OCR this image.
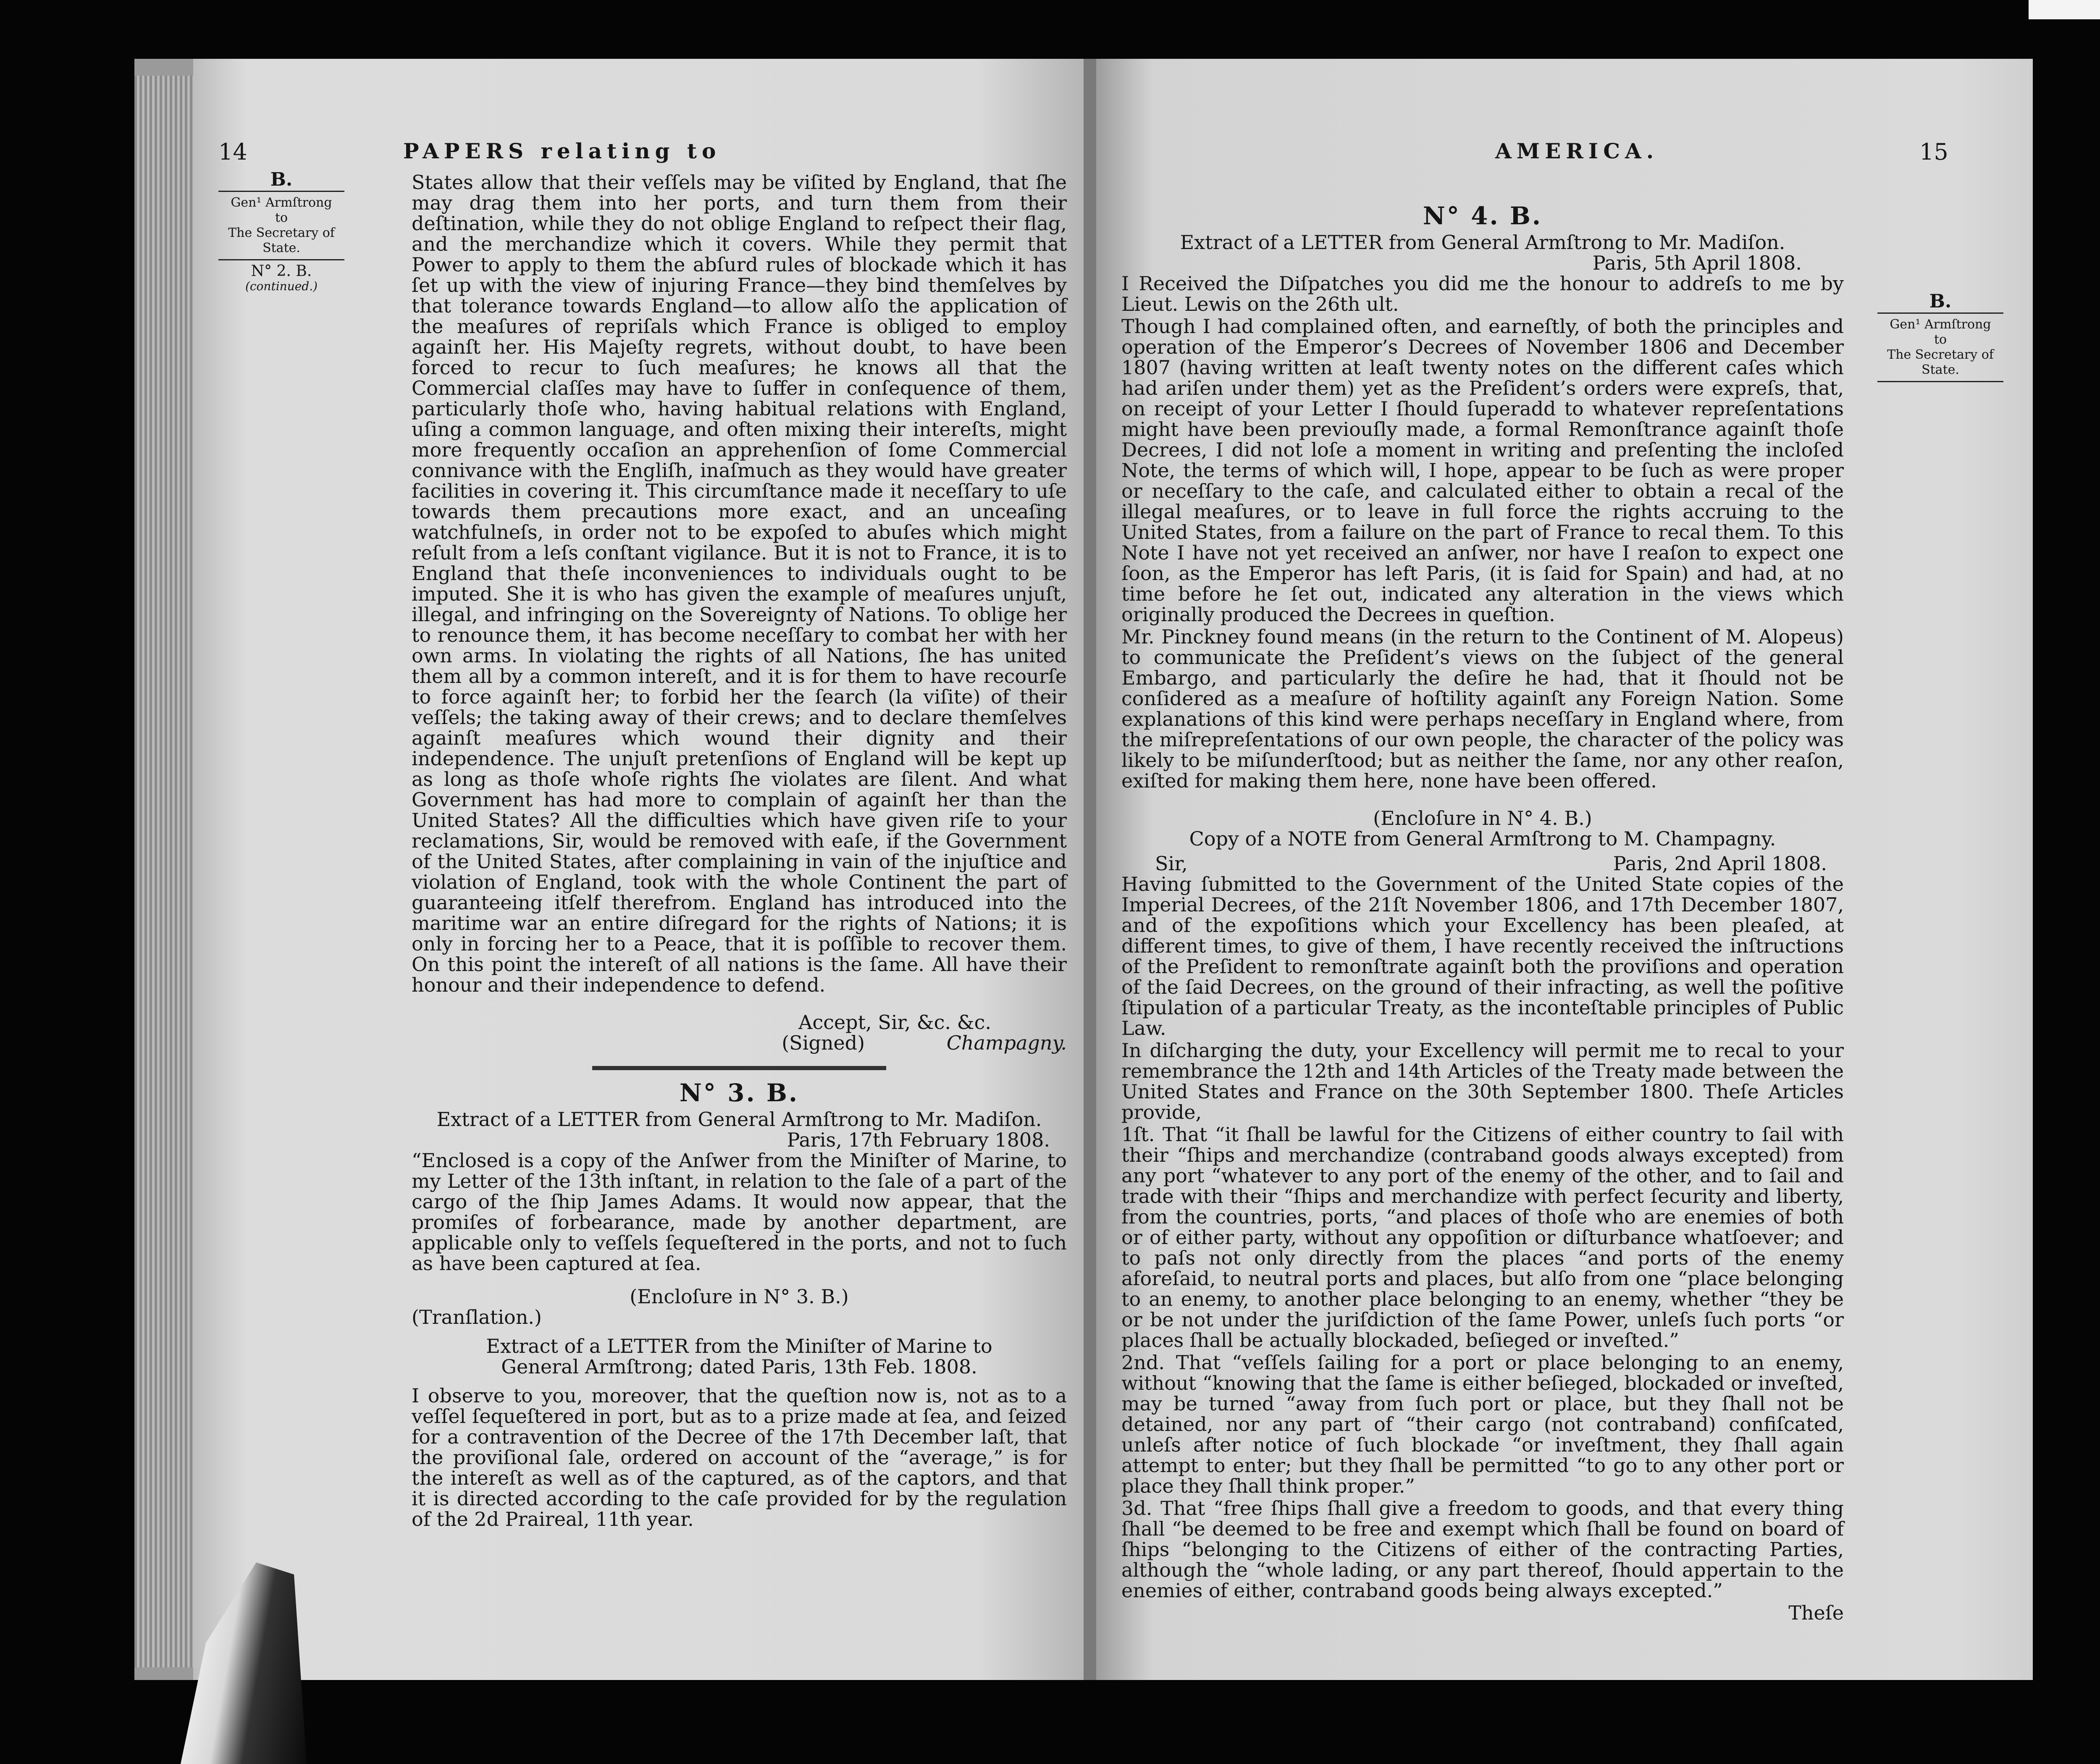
14	PAPERS relating to
B.
Gen¹ Armſtrong
to
The Secretary of State.
N° 2. B.
(continued.)

States allow that their veſſels may be viſited by England, that ſhe may drag them into her ports, and turn them from their deſtination, while they do not oblige England to reſpect their flag, and the merchandize which it covers. While they permit that Power to apply to them the abſurd rules of blockade which it has ſet up with the view of injuring France—they bind themſelves by that tolerance towards England—to allow alſo the application of the meaſures of repriſals which France is obliged to employ againſt her. His Majeſty regrets, without doubt, to have been forced to recur to ſuch meaſures; he knows all that the Commercial claſſes may have to ſuffer in conſequence of them, particularly thoſe who, having habitual relations with England, uſing a common language, and often mixing their intereſts, might more frequently occaſion an apprehenſion of ſome Commercial connivance with the Engliſh, inaſmuch as they would have greater facilities in covering it. This circumſtance made it neceſſary to uſe towards them precautions more exact, and an unceaſing watchfulneſs, in order not to be expoſed to abuſes which might reſult from a leſs conſtant vigilance. But it is not to France, it is to England that theſe inconveniences to individuals ought to be imputed. She it is who has given the example of meaſures unjuſt, illegal, and infringing on the Sovereignty of Nations. To oblige her to renounce them, it has become neceſſary to combat her with her own arms. In violating the rights of all Nations, ſhe has united them all by a common intereſt, and it is for them to have recourſe to force againſt her; to forbid her the ſearch (la viſite) of their veſſels; the taking away of their crews; and to declare themſelves againſt meaſures which wound their dignity and their independence. The unjuſt pretenſions of England will be kept up as long as thoſe whoſe rights ſhe violates are ſilent. And what Government has had more to complain of againſt her than the United States? All the difficulties which have given riſe to your reclamations, Sir, would be removed with eaſe, if the Government of the United States, after complaining in vain of the injuſtice and violation of England, took with the whole Continent the part of guaranteeing itſelf therefrom. England has introduced into the maritime war an entire diſregard for the rights of Nations; it is only in forcing her to a Peace, that it is poſſible to recover them. On this point the intereſt of all nations is the ſame. All have their honour and their independence to defend.

Accept, Sir, &c. &c.
(Signed)	Champagny.
N° 3. B.
Extract of a LETTER from General Armſtrong to Mr. Madiſon.
Paris, 17th February 1808.

“Enclosed is a copy of the Anſwer from the Miniſter of Marine, to my Letter of the 13th inſtant, in relation to the ſale of a part of the cargo of the ſhip James Adams. It would now appear, that the promiſes of forbearance, made by another department, are applicable only to veſſels ſequeſtered in the ports, and not to ſuch as have been captured at ſea.

(Encloſure in N° 3. B.)
(Tranſlation.)
Extract of a LETTER from the Miniſter of Marine to General Armſtrong; dated Paris, 13th Feb. 1808.

I observe to you, moreover, that the queſtion now is, not as to a veſſel ſequeſtered in port, but as to a prize made at ſea, and ſeized for a contravention of the Decree of the 17th December laſt, that the proviſional ſale, ordered on account of the “average,” is for the intereſt as well as of the captured, as of the captors, and that it is directed according to the caſe provided for by the regulation of the 2d Praireal, 11th year.

AMERICA.	15
N° 4. B.
Extract of a LETTER from General Armſtrong to Mr. Madiſon.
Paris, 5th April 1808.

I Received the Diſpatches you did me the honour to addreſs to me by Lieut. Lewis on the 26th ult.

Though I had complained often, and earneſtly, of both the principles and operation of the Emperor’s Decrees of November 1806 and December 1807 (having written at leaſt twenty notes on the different caſes which had ariſen under them) yet as the Preſident’s orders were expreſs, that, on receipt of your Letter I ſhould ſuperadd to whatever repreſentations might have been previouſly made, a formal Remonſtrance againſt thoſe Decrees, I did not loſe a moment in writing and preſenting the incloſed Note, the terms of which will, I hope, appear to be ſuch as were proper or neceſſary to the caſe, and calculated either to obtain a recal of the illegal meaſures, or to leave in full force the rights accruing to the United States, from a failure on the part of France to recal them. To this Note I have not yet received an anſwer, nor have I reaſon to expect one ſoon, as the Emperor has left Paris, (it is ſaid for Spain) and had, at no time before he ſet out, indicated any alteration in the views which originally produced the Decrees in queſtion.

Mr. Pinckney found means (in the return to the Continent of M. Alopeus) to communicate the Preſident’s views on the ſubject of the general Embargo, and particularly the deſire he had, that it ſhould not be conſidered as a meaſure of hoſtility againſt any Foreign Nation. Some explanations of this kind were perhaps neceſſary in England where, from the miſrepreſentations of our own people, the character of the policy was likely to be miſunderſtood; but as neither the ſame, nor any other reaſon, exiſted for making them here, none have been offered.

(Encloſure in N° 4. B.)
Copy of a NOTE from General Armſtrong to M. Champagny.
Sir,	Paris, 2nd April 1808.

Having ſubmitted to the Government of the United State copies of the Imperial Decrees, of the 21ſt November 1806, and 17th December 1807, and of the expoſitions which your Excellency has been pleaſed, at different times, to give of them, I have recently received the inſtructions of the Preſident to remonſtrate againſt both the proviſions and operation of the ſaid Decrees, on the ground of their infracting, as well the poſitive ſtipulation of a particular Treaty, as the inconteſtable principles of Public Law.

In diſcharging the duty, your Excellency will permit me to recal to your remembrance the 12th and 14th Articles of the Treaty made between the United States and France on the 30th September 1800. Theſe Articles provide,

1ſt. That “it ſhall be lawful for the Citizens of either country to ſail with their “ſhips and merchandize (contraband goods always excepted) from any port “whatever to any port of the enemy of the other, and to ſail and trade with their “ſhips and merchandize with perfect ſecurity and liberty, from the countries, ports, “and places of thoſe who are enemies of both or of either party, without any oppoſition or diſturbance whatſoever; and to paſs not only directly from the places “and ports of the enemy aforeſaid, to neutral ports and places, but alſo from one “place belonging to an enemy, to another place belonging to an enemy, whether “they be or be not under the juriſdiction of the ſame Power, unleſs ſuch ports “or places ſhall be actually blockaded, beſieged or inveſted.”

2nd. That “veſſels ſailing for a port or place belonging to an enemy, without “knowing that the ſame is either beſieged, blockaded or inveſted, may be turned “away from ſuch port or place, but they ſhall not be detained, nor any part of “their cargo (not contraband) confiſcated, unleſs after notice of ſuch blockade “or inveſtment, they ſhall again attempt to enter; but they ſhall be permitted “to go to any other port or place they ſhall think proper.”

3d. That “free ſhips ſhall give a freedom to goods, and that every thing ſhall “be deemed to be free and exempt which ſhall be found on board of ſhips “belonging to the Citizens of either of the contracting Parties, although the “whole lading, or any part thereof, ſhould appertain to the enemies of either, contraband goods being always excepted.”

Theſe
B.
Gen¹ Armſtrong
to
The Secretary of State.
